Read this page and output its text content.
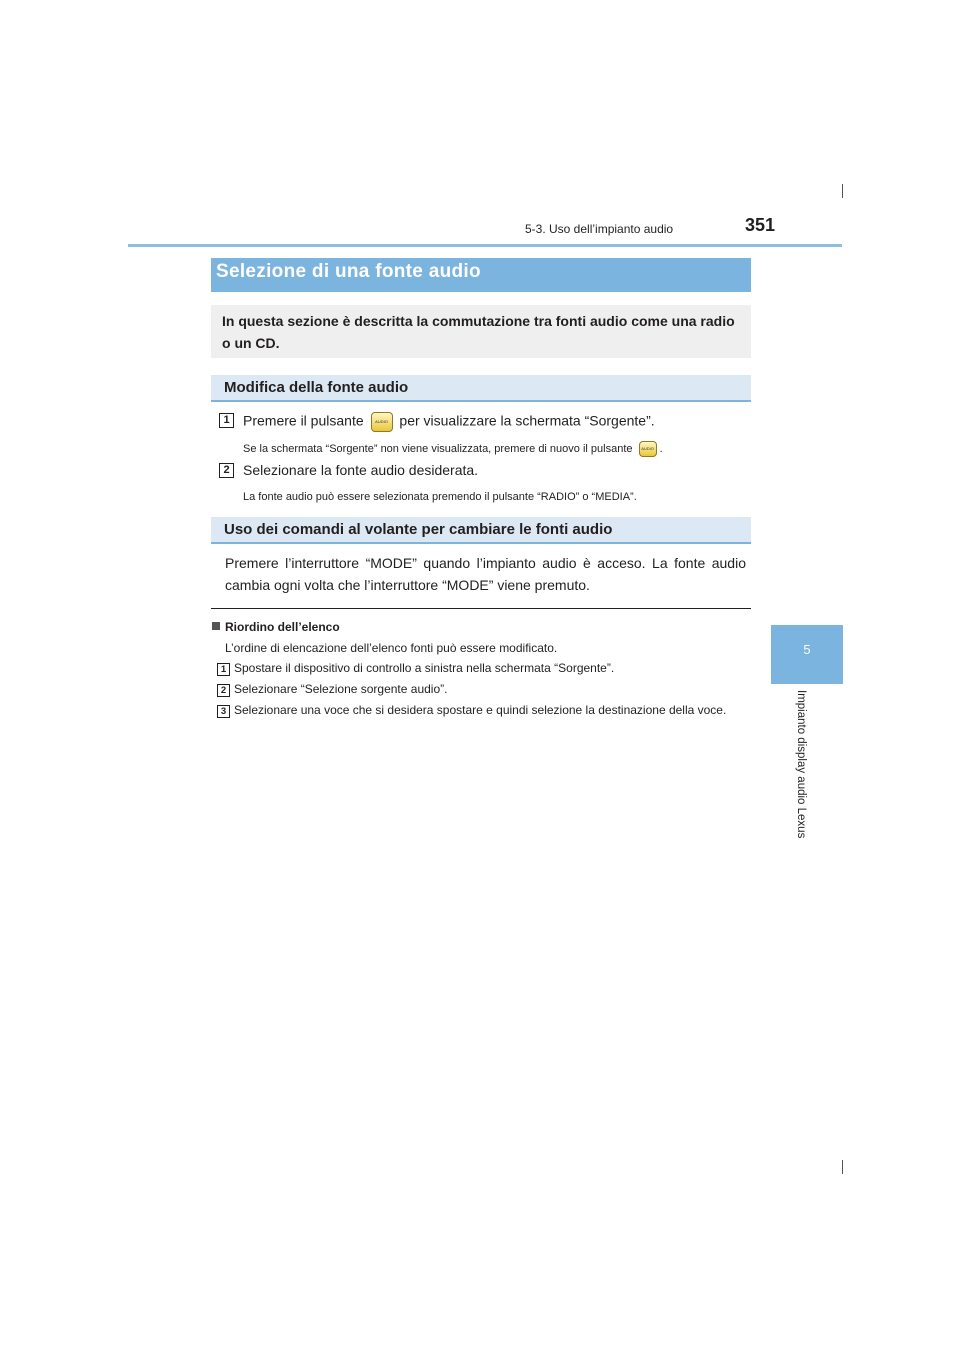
5-3. Uso dell’impianto audio	351
5
Impianto display audio Lexus
Selezione di una fonte audio
In questa sezione è descritta la commutazione tra fonti audio come una radio o un CD.
Modifica della fonte audio
1 Premere il pulsante	AUDIO per visualizzare la schermata “Sorgente”.
Se la schermata “Sorgente” non viene visualizzata, premere di nuovo il pulsante AUDIO .
2 Selezionare la fonte audio desiderata.
La fonte audio può essere selezionata premendo il pulsante “RADIO” o “MEDIA”.
Uso dei comandi al volante per cambiare le fonti audio
Premere l’interruttore “MODE” quando l’impianto audio è acceso. La fonte audio cambia ogni volta che l’interruttore “MODE” viene premuto.
Riordino dell’elenco
L’ordine di elencazione dell’elenco fonti può essere modificato.
1 Spostare il dispositivo di controllo a sinistra nella schermata “Sorgente”.
2 Selezionare “Selezione sorgente audio”.
3 Selezionare una voce che si desidera spostare e quindi selezione la destinazione della voce.
